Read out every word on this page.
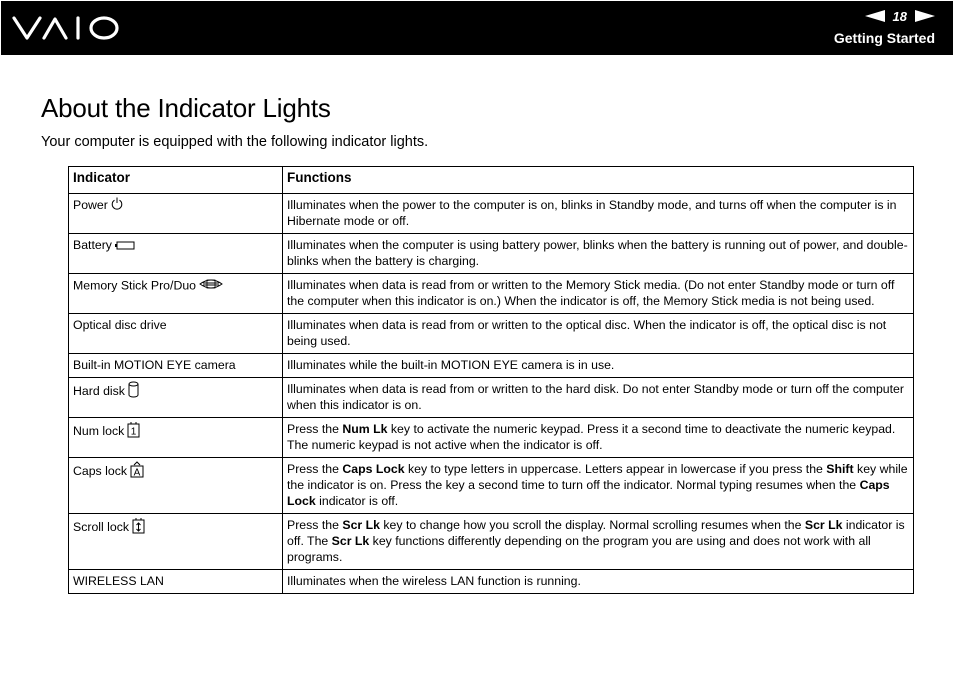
18
Getting Started
About the Indicator Lights

Your computer is equipped with the following indicator lights.

Indicator	Functions
Power	Illuminates when the power to the computer is on, blinks in Standby mode, and turns off when the computer is in Hibernate mode or off.
Battery	Illuminates when the computer is using battery power, blinks when the battery is running out of power, and double-blinks when the battery is charging.
Memory Stick Pro/Duo	Illuminates when data is read from or written to the Memory Stick media. (Do not enter Standby mode or turn off the computer when this indicator is on.) When the indicator is off, the Memory Stick media is not being used.
Optical disc drive	Illuminates when data is read from or written to the optical disc. When the indicator is off, the optical disc is not being used.
Built-in MOTION EYE camera	Illuminates while the built-in MOTION EYE camera is in use.
Hard disk	Illuminates when data is read from or written to the hard disk. Do not enter Standby mode or turn off the computer when this indicator is on.
Num lock 1	Press the Num Lk key to activate the numeric keypad. Press it a second time to deactivate the numeric keypad. The numeric keypad is not active when the indicator is off.
Caps lock A	Press the Caps Lock key to type letters in uppercase. Letters appear in lowercase if you press the Shift key while the indicator is on. Press the key a second time to turn off the indicator. Normal typing resumes when the Caps Lock indicator is off.
Scroll lock	Press the Scr Lk key to change how you scroll the display. Normal scrolling resumes when the Scr Lk indicator is off. The Scr Lk key functions differently depending on the program you are using and does not work with all programs.
WIRELESS LAN	Illuminates when the wireless LAN function is running.
